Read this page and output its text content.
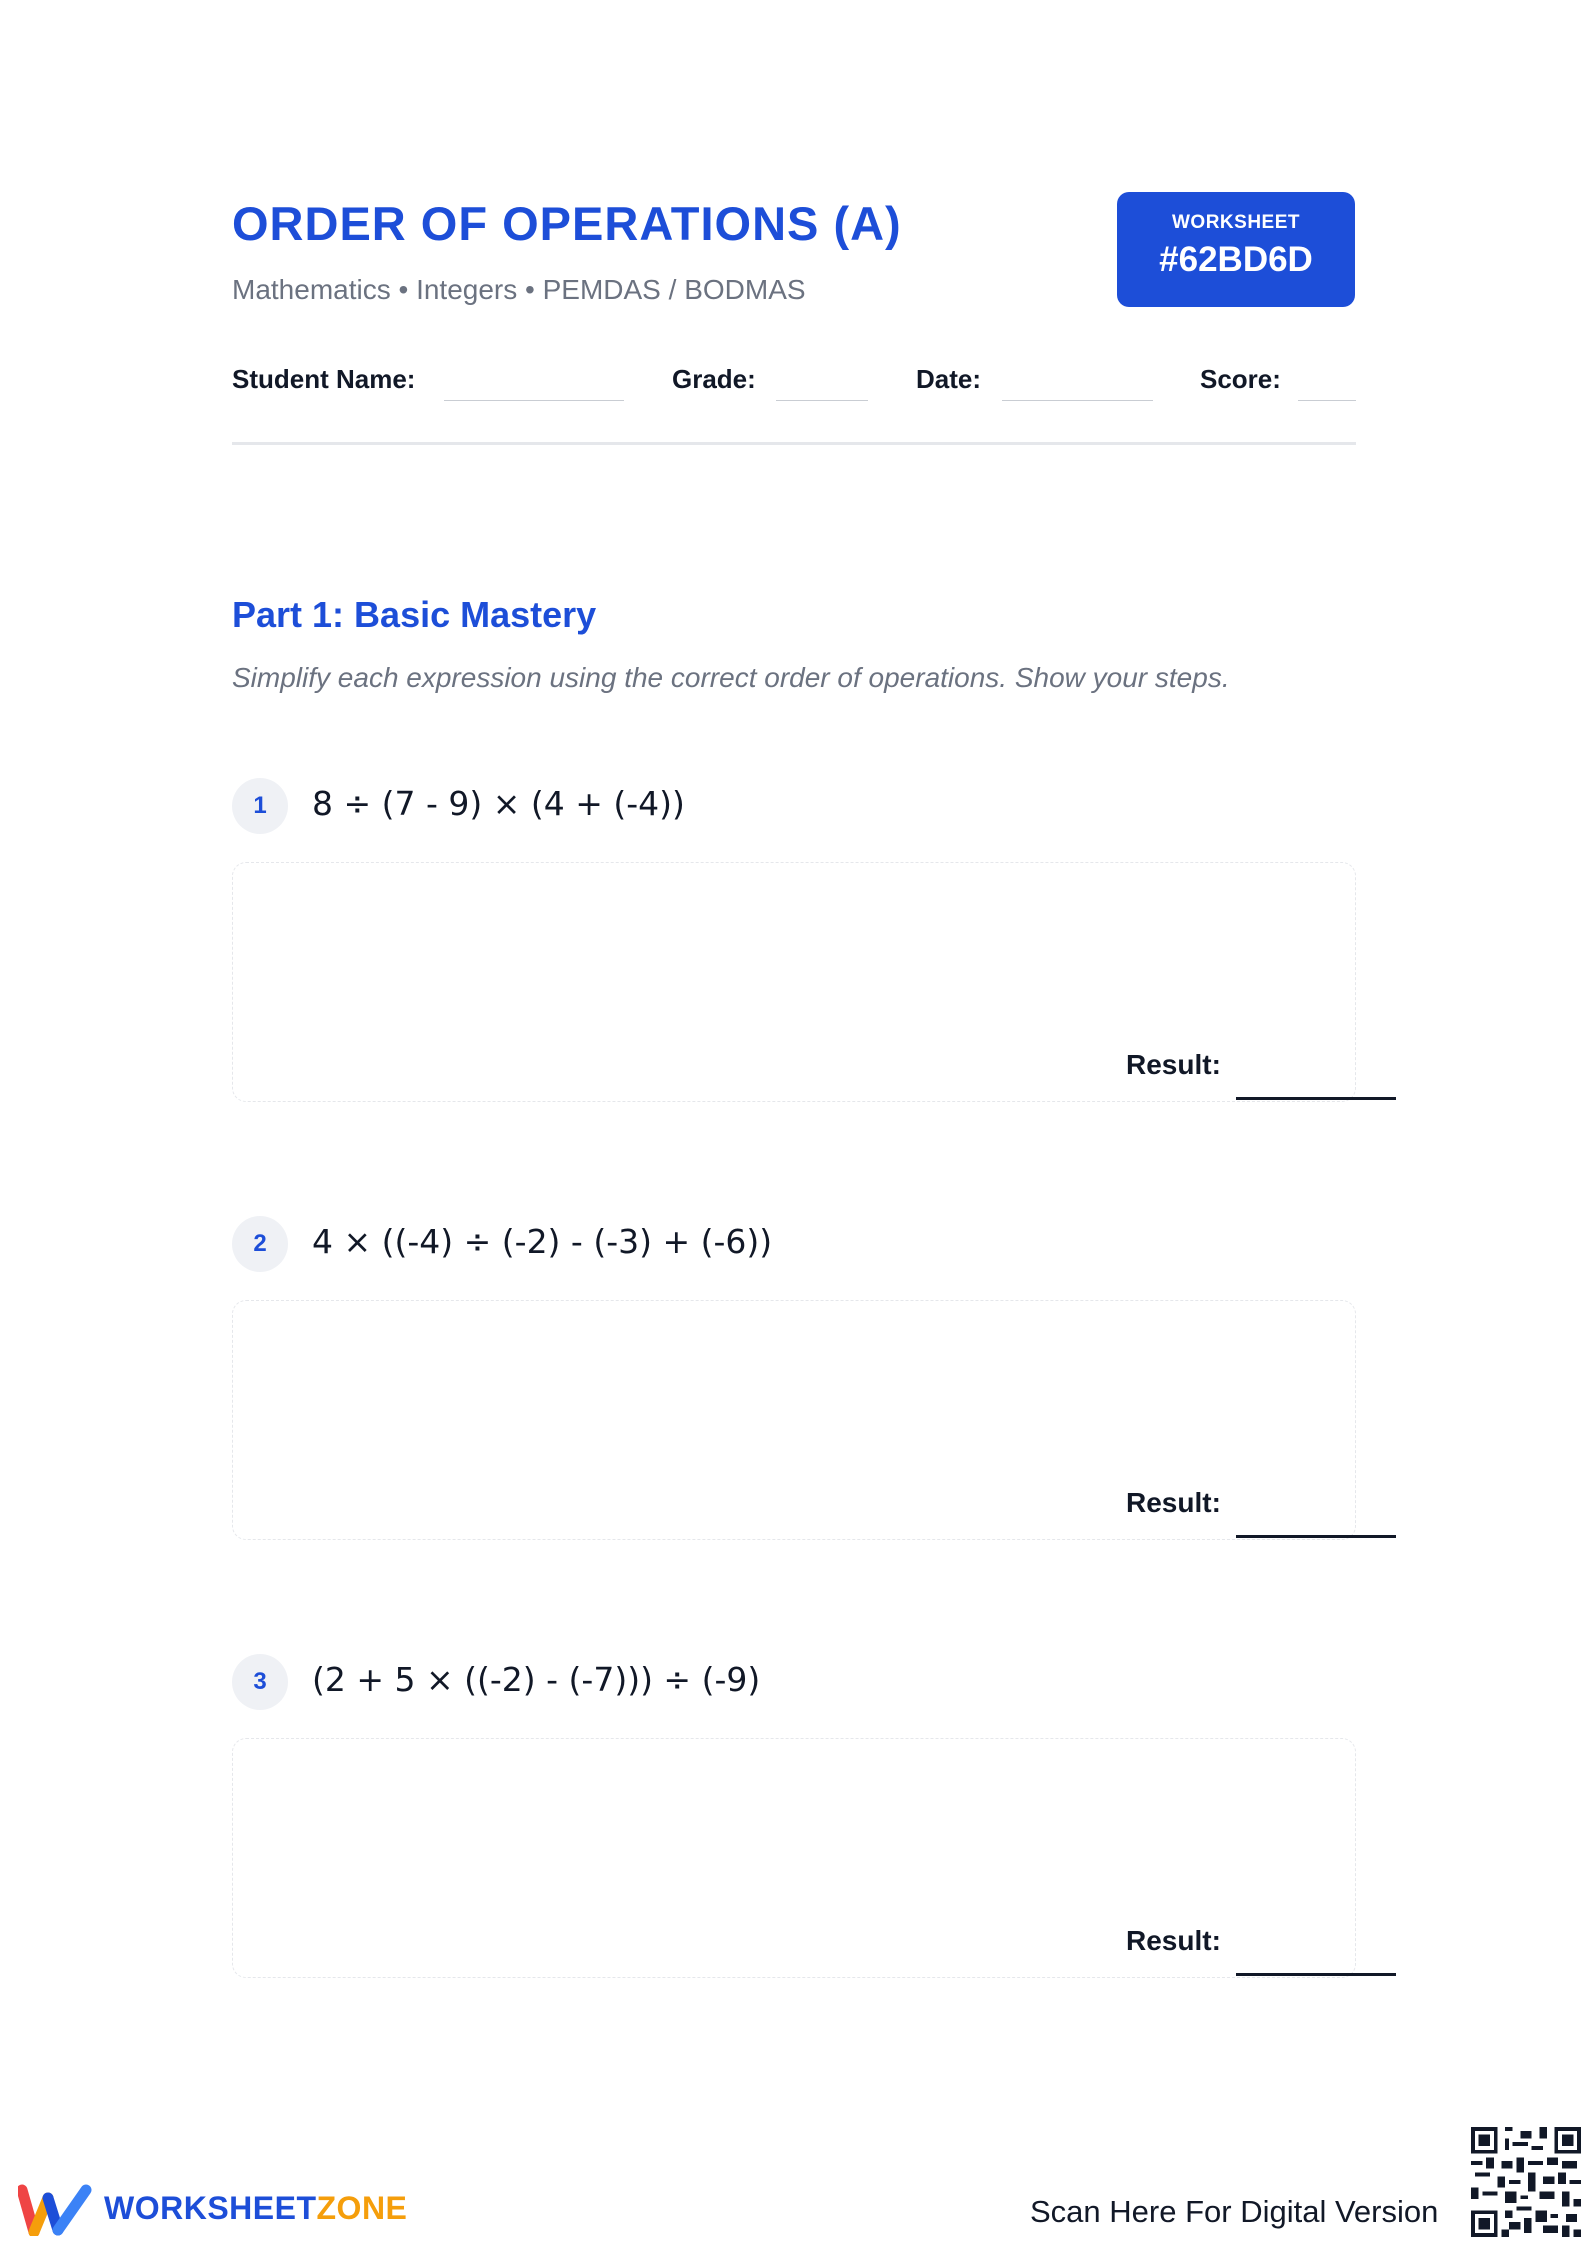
ORDER OF OPERATIONS (A)
Mathematics • Integers • PEMDAS / BODMAS
WORKSHEET
#62BD6D
Student Name:	Grade:	Date:	Score:
Part 1: Basic Mastery
Simplify each expression using the correct order of operations. Show your steps.
1	8 ÷ (7 - 9) × (4 + (-4))
Result:
2	4 × ((-4) ÷ (-2) - (-3) + (-6))
Result:
3	(2 + 5 × ((-2) - (-7))) ÷ (-9)
Result:
WORKSHEETZONE	Scan Here For Digital Version
